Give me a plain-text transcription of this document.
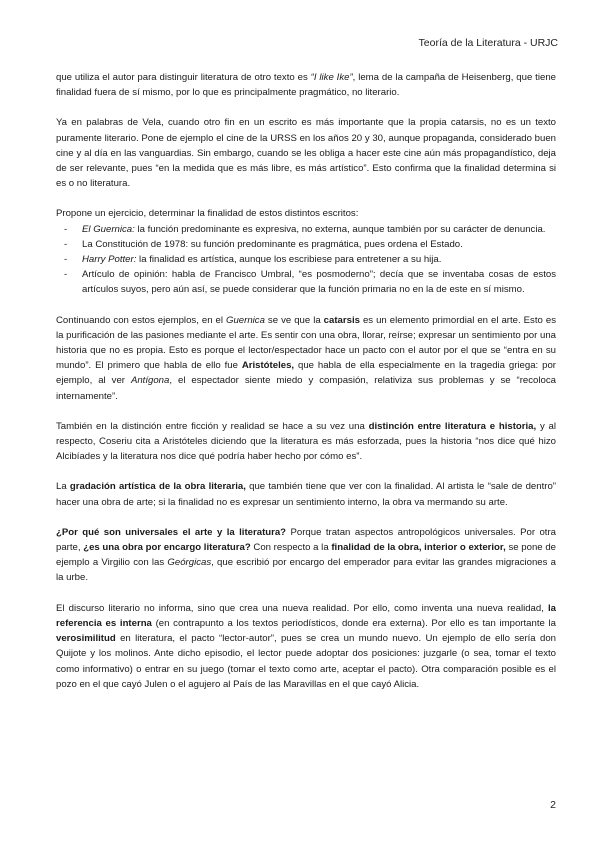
Teoría de la Literatura - URJC

que utiliza el autor para distinguir literatura de otro texto es “I like Ike”, lema de la campaña de Heisenberg, que tiene finalidad fuera de sí mismo, por lo que es principalmente pragmático, no literario.

Ya en palabras de Vela, cuando otro fin en un escrito es más importante que la propia catarsis, no es un texto puramente literario. Pone de ejemplo el cine de la URSS en los años 20 y 30, aunque propaganda, considerado buen cine y al día en las vanguardias. Sin embargo, cuando se les obliga a hacer este cine aún más propagandístico, deja de ser relevante, pues “en la medida que es más libre, es más artístico”. Esto confirma que la finalidad determina si es o no literatura.

Propone un ejercicio, determinar la finalidad de estos distintos escritos:

- El Guernica: la función predominante es expresiva, no externa, aunque también por su carácter de denuncia.
- La Constitución de 1978: su función predominante es pragmática, pues ordena el Estado.
- Harry Potter: la finalidad es artística, aunque los escribiese para entretener a su hija.
- Artículo de opinión: habla de Francisco Umbral, “es posmoderno”; decía que se inventaba cosas de estos artículos suyos, pero aún así, se puede considerar que la función primaria no en la de este en sí mismo.

Continuando con estos ejemplos, en el Guernica se ve que la catarsis es un elemento primordial en el arte. Esto es la purificación de las pasiones mediante el arte. Es sentir con una obra, llorar, reírse; expresar un sentimiento por una historia que no es propia. Esto es porque el lector/espectador hace un pacto con el autor por el que se “entra en su mundo”. El primero que habla de ello fue Aristóteles, que habla de ella especialmente en la tragedia griega: por ejemplo, al ver Antígona, el espectador siente miedo y compasión, relativiza sus problemas y se “recoloca internamente”.

También en la distinción entre ficción y realidad se hace a su vez una distinción entre literatura e historia, y al respecto, Coseriu cita a Aristóteles diciendo que la literatura es más esforzada, pues la historia “nos dice qué hizo Alcibíades y la literatura nos dice qué podría haber hecho por cómo es”.

La gradación artística de la obra literaria, que también tiene que ver con la finalidad. Al artista le “sale de dentro” hacer una obra de arte; si la finalidad no es expresar un sentimiento interno, la obra va mermando su arte.

¿Por qué son universales el arte y la literatura? Porque tratan aspectos antropológicos universales. Por otra parte, ¿es una obra por encargo literatura? Con respecto a la finalidad de la obra, interior o exterior, se pone de ejemplo a Virgilio con las Geórgicas, que escribió por encargo del emperador para evitar las grandes migraciones a la urbe.

El discurso literario no informa, sino que crea una nueva realidad. Por ello, como inventa una nueva realidad, la referencia es interna (en contrapunto a los textos periodísticos, donde era externa). Por ello es tan importante la verosimilitud en literatura, el pacto “lector-autor”, pues se crea un mundo nuevo. Un ejemplo de ello sería don Quijote y los molinos. Ante dicho episodio, el lector puede adoptar dos posiciones: juzgarle (o sea, tomar el texto como informativo) o entrar en su juego (tomar el texto como arte, aceptar el pacto). Otra comparación posible es el pozo en el que cayó Julen o el agujero al País de las Maravillas en el que cayó Alicia.

2
